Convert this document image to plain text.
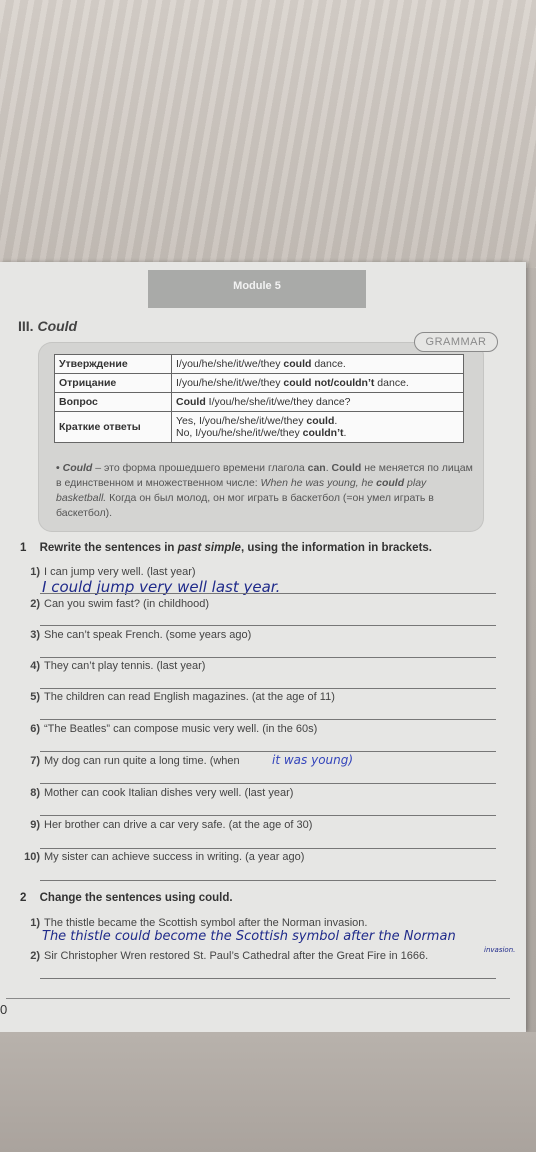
Module 5
III. Could
GRAMMAR
Утверждение	I/you/he/she/it/we/they could dance.
Отрицание	I/you/he/she/it/we/they could not/couldn’t dance.
Вопрос	Could I/you/he/she/it/we/they dance?
Краткие ответы	Yes, I/you/he/she/it/we/they could.
No, I/you/he/she/it/we/they couldn’t.
• Could – это форма прошедшего времени глагола can. Could не меняется по лицам в единственном и множественном числе: When he was young, he could play basketball. Когда он был молод, он мог играть в баскетбол (=он умел играть в баскетбол).
1 Rewrite the sentences in past simple, using the information in brackets.
1) I can jump very well. (last year)
I could jump very well last year.
2) Can you swim fast? (in childhood)
3) She can’t speak French. (some years ago)
4) They can’t play tennis. (last year)
5) The children can read English magazines. (at the age of 11)
6) “The Beatles” can compose music very well. (in the 60s)
7) My dog can run quite a long time. (when	it was young)
8) Mother can cook Italian dishes very well. (last year)
9) Her brother can drive a car very safe. (at the age of 30)
10) My sister can achieve success in writing. (a year ago)
2 Change the sentences using could.
1) The thistle became the Scottish symbol after the Norman invasion.
The thistle could become the Scottish symbol after the Norman
invasion.
2) Sir Christopher Wren restored St. Paul’s Cathedral after the Great Fire in 1666.
0
